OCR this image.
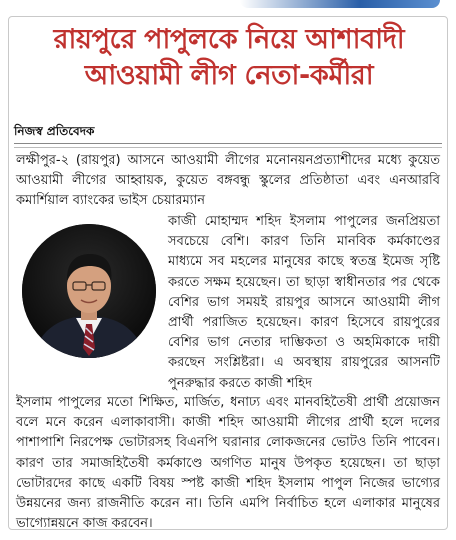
রায়পুরে পাপুলকে নিয়ে আশাবাদী
আওয়ামী লীগ নেতা-কর্মীরা
নিজস্ব প্রতিবেদক
লক্ষীপুর-২ (রায়পুর) আসনে আওয়ামী লীগের মনোনয়নপ্রত্যাশীদের মধ্যে কুয়েত আওয়ামী লীগের আহ্বায়ক, কুয়েত বঙ্গবন্ধু স্কুলের প্রতিষ্ঠাতা এবং এনআরবি কমার্শিয়াল ব্যাংকের ভাইস চেয়ারম্যান
কাজী মোহাম্মদ শহিদ ইসলাম পাপুলের জনপ্রিয়তা সবচেয়ে বেশি। কারণ তিনি মানবিক কর্মকাণ্ডের মাধ্যমে সব মহলের মানুষের কাছে স্বতন্ত্র ইমেজ সৃষ্টি করতে সক্ষম হয়েছেন। তা ছাড়া স্বাধীনতার পর থেকে বেশির ভাগ সময়ই রায়পুর আসনে আওয়ামী লীগ প্রার্থী পরাজিত হয়েছেন। কারণ হিসেবে রায়পুরের বেশির ভাগ নেতার দাম্ভিকতা ও অহমিকাকে দায়ী করছেন সংশ্লিষ্টরা। এ অবস্থায় রায়পুরের আসনটি পুনরুদ্ধার করতে কাজী শহিদ
ইসলাম পাপুলের মতো শিক্ষিত, মার্জিত, ধনাঢ্য এবং মানবহিতৈষী প্রার্থী প্রয়োজন বলে মনে করেন এলাকাবাসী। কাজী শহিদ আওয়ামী লীগের প্রার্থী হলে দলের পাশাপাশি নিরপেক্ষ ভোটারসহ বিএনপি ঘরানার লোকজনের ভোটও তিনি পাবেন। কারণ তার সমাজহিতৈষী কর্মকাণ্ডে অগণিত মানুষ উপকৃত হয়েছেন। তা ছাড়া ভোটারদের কাছে একটি বিষয় স্পষ্ট কাজী শহিদ ইসলাম পাপুল নিজের ভাগ্যের উন্নয়নের জন্য রাজনীতি করেন না। তিনি এমপি নির্বাচিত হলে এলাকার মানুষের ভাগ্যোন্নয়নে কাজ করবেন।
